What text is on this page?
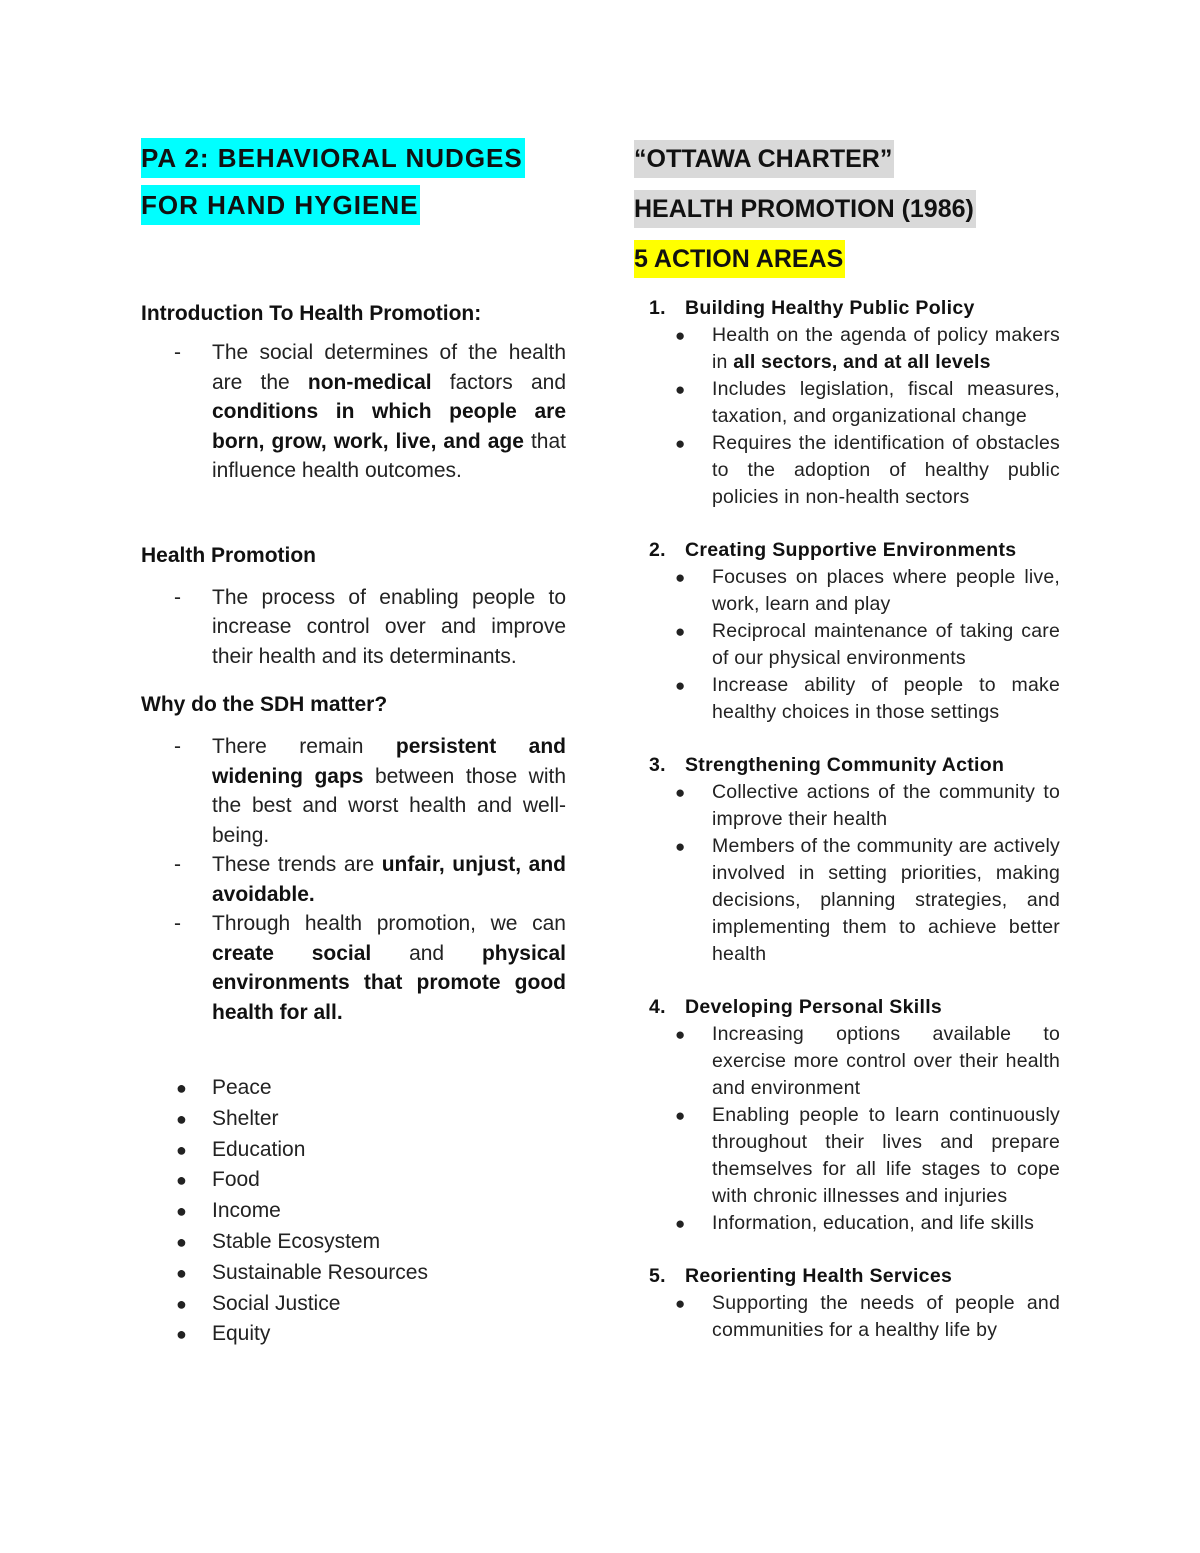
PA 2: BEHAVIORAL NUDGES
FOR HAND HYGIENE

Introduction To Health Promotion:

- The social determines of the health are the non-medical factors and conditions in which people are born, grow, work, live, and age that influence health outcomes.

Health Promotion

- The process of enabling people to increase control over and improve their health and its determinants.

Why do the SDH matter?

- There remain persistent and widening gaps between those with the best and worst health and well-being.
- These trends are unfair, unjust, and avoidable.
- Through health promotion, we can create social and physical environments that promote good health for all.
● Peace
● Shelter
● Education
● Food
● Income
● Stable Ecosystem
● Sustainable Resources
● Social Justice
● Equity
“OTTAWA CHARTER”
HEALTH PROMOTION (1986)
5 ACTION AREAS
1. Building Healthy Public Policy
● Health on the agenda of policy makers in all sectors, and at all levels
● Includes legislation, fiscal measures, taxation, and organizational change
● Requires the identification of obstacles to the adoption of healthy public policies in non-health sectors
2. Creating Supportive Environments
● Focuses on places where people live, work, learn and play
● Reciprocal maintenance of taking care of our physical environments
● Increase ability of people to make healthy choices in those settings
3. Strengthening Community Action
● Collective actions of the community to improve their health
● Members of the community are actively involved in setting priorities, making decisions, planning strategies, and implementing them to achieve better health
4. Developing Personal Skills
● Increasing options available to exercise more control over their health and environment
● Enabling people to learn continuously throughout their lives and prepare themselves for all life stages to cope with chronic illnesses and injuries
● Information, education, and life skills
5. Reorienting Health Services
● Supporting the needs of people and communities for a healthy life by
